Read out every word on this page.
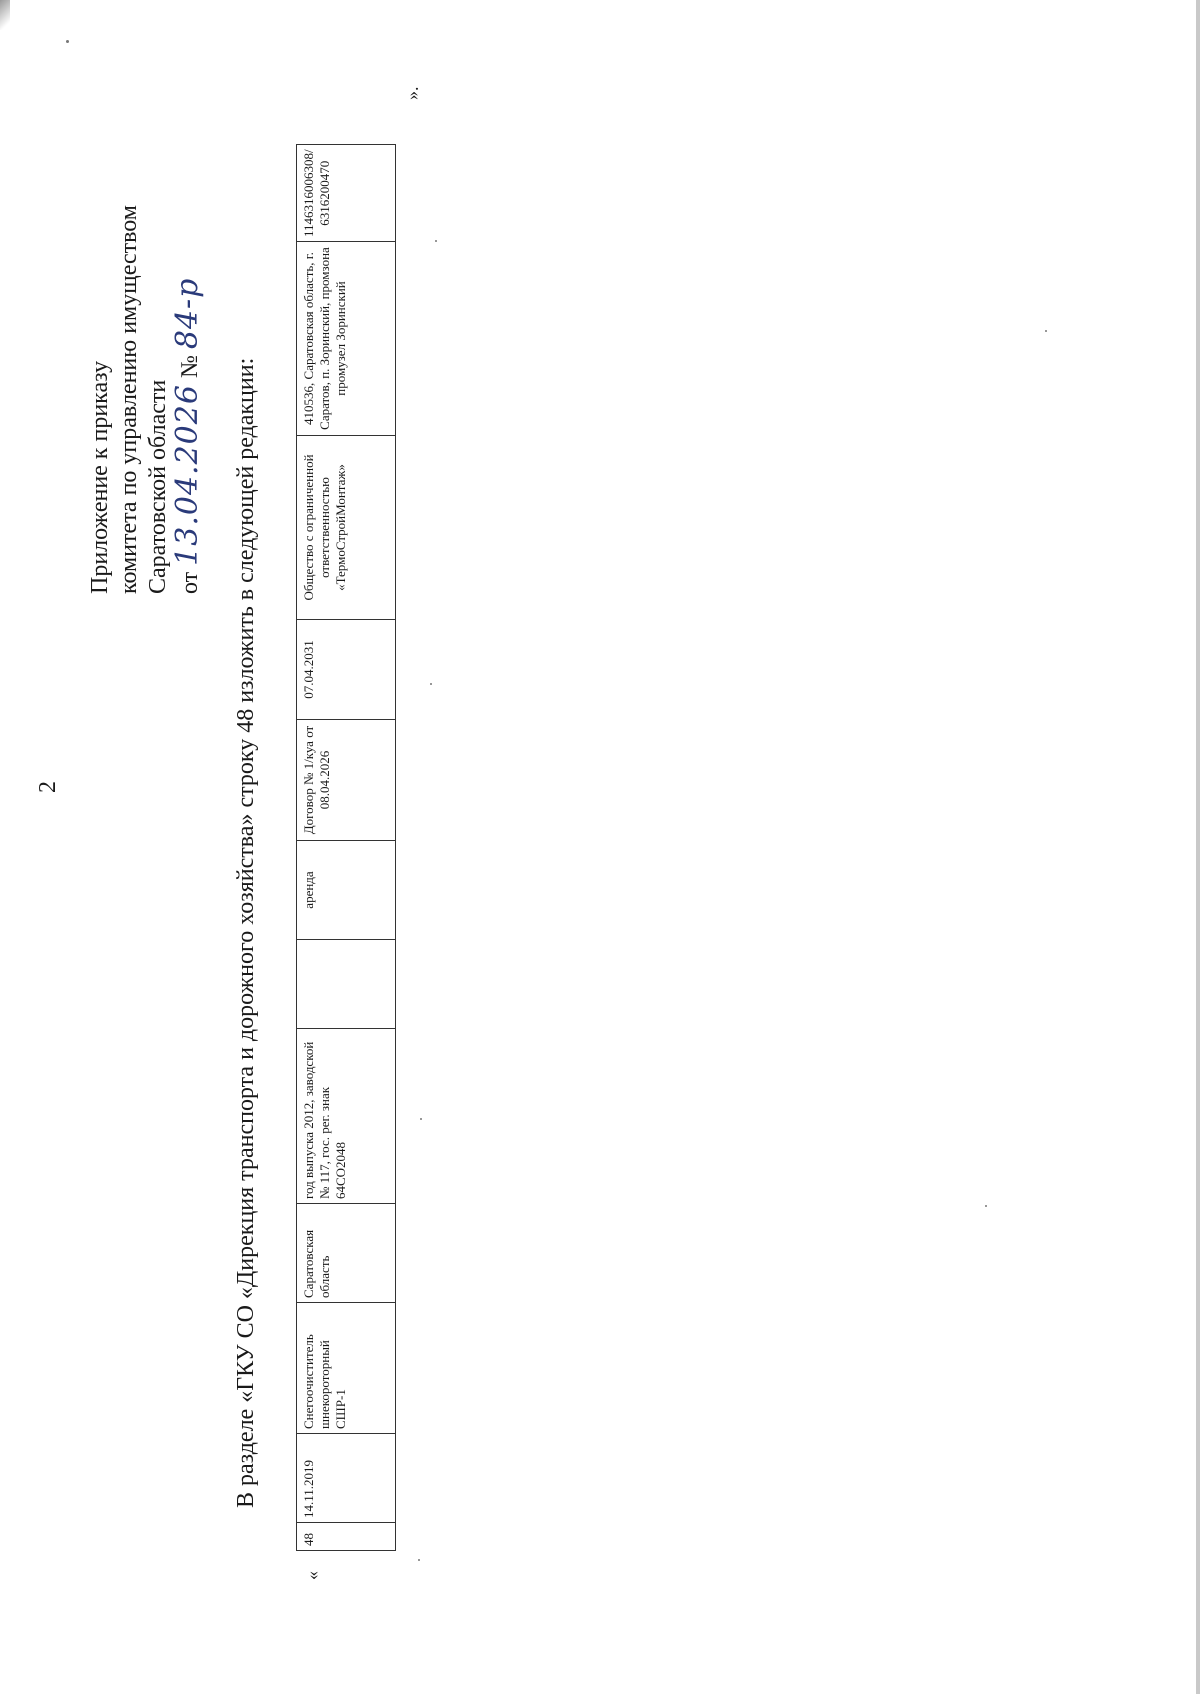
2
Приложение к приказу комитета по управлению имуществом Саратовской области от 13.04.2026 № 84-р
В разделе «ГКУ СО «Дирекция транспорта и дорожного хозяйства» строку 48 изложить в следующей редакции:
«
48	14.11.2019	Снегоочиститель шнекороторный СШР-1	Саратовская область	год выпуска 2012, заводской № 117, гос. рег. знак 64СО2048		аренда	Договор № 1/куа от 08.04.2026	07.04.2031	Общество с ограниченной ответственностью «ТермоСтройМонтаж»	410536, Саратовская область, г. Саратов, п. Зоринский, промзона промузел Зоринский	1146316006308/ 6316200470
».
